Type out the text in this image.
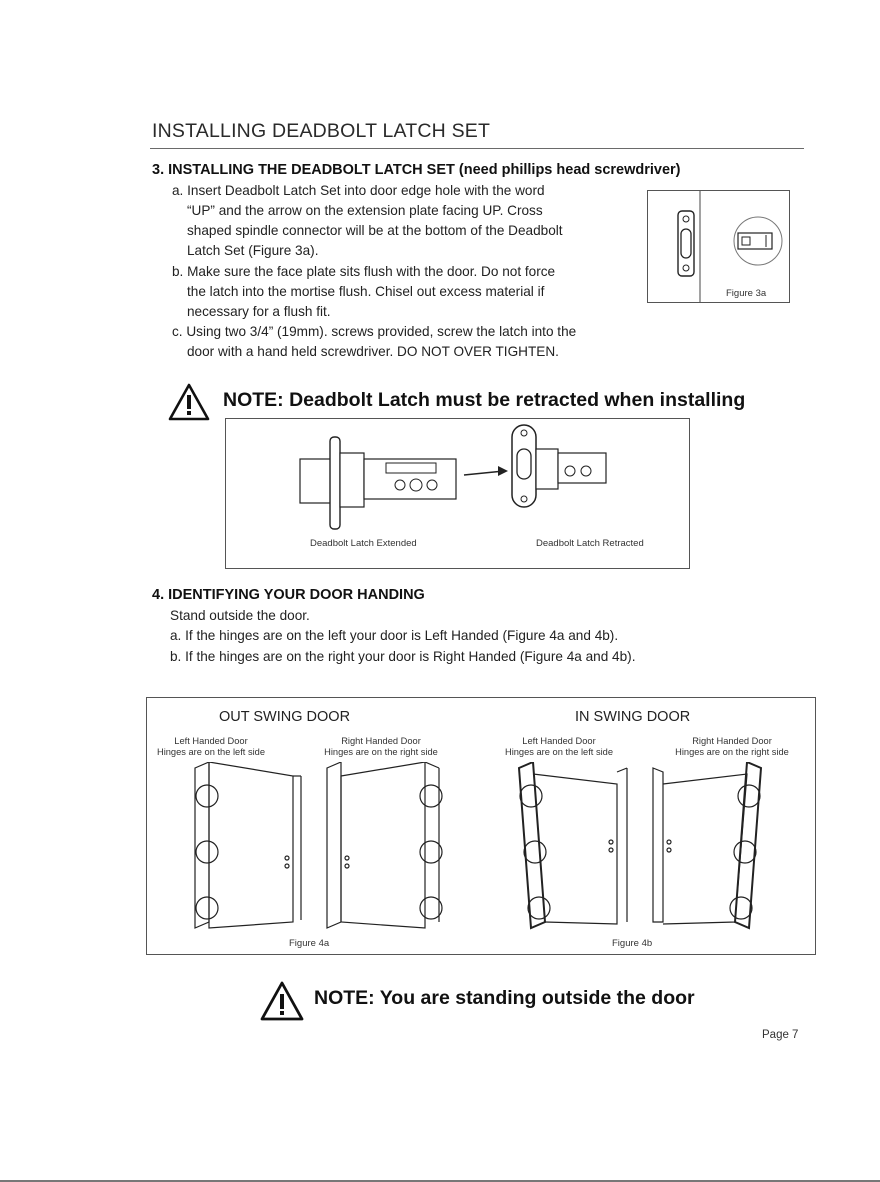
INSTALLING DEADBOLT LATCH SET
3. INSTALLING THE DEADBOLT LATCH SET (need phillips head screwdriver)
a. Insert Deadbolt Latch Set into door edge hole with the word
“UP” and the arrow on the extension plate facing UP. Cross
shaped spindle connector will be at the bottom of the Deadbolt
Latch Set (Figure 3a).
b. Make sure the face plate sits flush with the door. Do not force
the latch into the mortise flush. Chisel out excess material if
necessary for a flush fit.
c. Using two 3/4” (19mm). screws provided, screw the latch into the
door with a hand held screwdriver. DO NOT OVER TIGHTEN.
Figure 3a
NOTE: Deadbolt Latch must be retracted when installing
Deadbolt Latch Extended	Deadbolt Latch Retracted
4. IDENTIFYING YOUR DOOR HANDING
Stand outside the door.
a. If the hinges are on the left your door is Left Handed (Figure 4a and 4b).
b. If the hinges are on the right your door is Right Handed (Figure 4a and 4b).
OUT SWING DOOR	IN SWING DOOR
Left Handed Door
Hinges are on the left side
Right Handed Door
Hinges are on the right side
Left Handed Door
Hinges are on the left side
Right Handed Door
Hinges are on the right side
Figure 4a	Figure 4b
NOTE: You are standing outside the door
Page 7
